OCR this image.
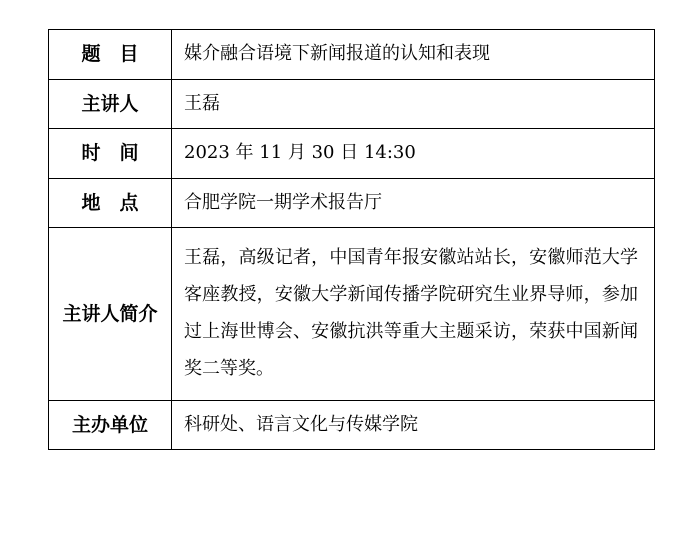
题　目	媒介融合语境下新闻报道的认知和表现
主讲人	王磊
时　间	2023 年 11 月 30 日 14:30
地　点	合肥学院一期学术报告厅
主讲人简介	王磊，高级记者，中国青年报安徽站站长，安徽师范大学客座教授，安徽大学新闻传播学院研究生业界导师，参加过上海世博会、安徽抗洪等重大主题采访，荣获中国新闻奖二等奖。
主办单位	科研处、语言文化与传媒学院
